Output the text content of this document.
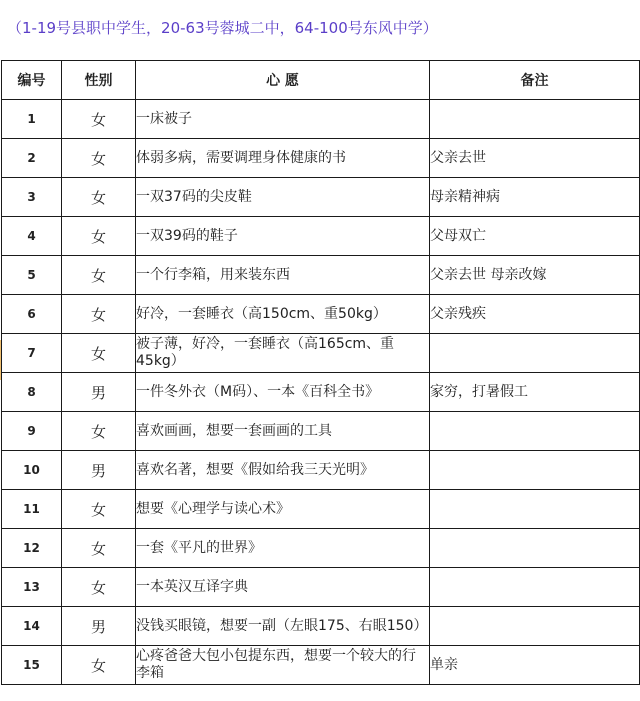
（1-19号县职中学生，20-63号蓉城二中，64-100号东风中学）
编号	性别	心 愿	备注
1	女	一床被子	
2	女	体弱多病，需要调理身体健康的书	父亲去世
3	女	一双37码的尖皮鞋	母亲精神病
4	女	一双39码的鞋子	父母双亡
5	女	一个行李箱，用来装东西	父亲去世 母亲改嫁
6	女	好冷，一套睡衣（高150cm、重50kg）	父亲残疾
7	女	被子薄，好冷，一套睡衣（高165cm、重45kg）	
8	男	一件冬外衣（M码）、一本《百科全书》	家穷，打暑假工
9	女	喜欢画画，想要一套画画的工具	
10	男	喜欢名著，想要《假如给我三天光明》	
11	女	想要《心理学与读心术》	
12	女	一套《平凡的世界》	
13	女	一本英汉互译字典	
14	男	没钱买眼镜，想要一副（左眼175、右眼150）	
15	女	心疼爸爸大包小包提东西，想要一个较大的行李箱	单亲
